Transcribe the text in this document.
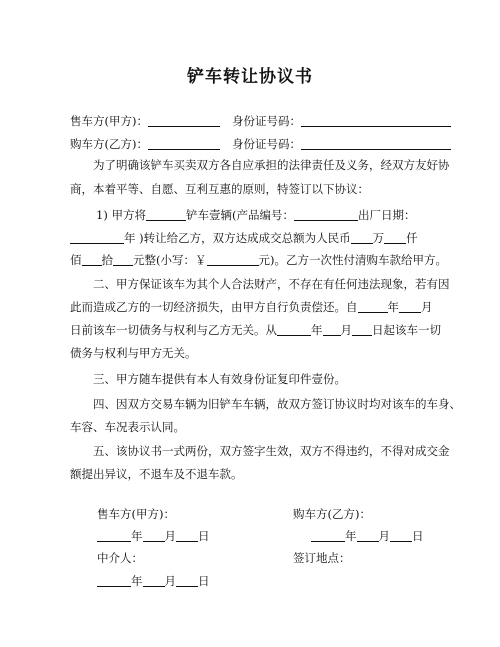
铲车转让协议书
售车方(甲方)：	身份证号码：
购车方(乙方)：	身份证号码：
为了明确该铲车买卖双方各自应承担的法律责任及义务，经双方友好协
商，本着平等、自愿、互利互惠的原则，特签订以下协议：
1) 甲方将	铲车壹辆(产品编号：	出厂日期：
年 )转让给乙方，双方达成成交总额为人民币 万 仟
佰 拾 元整(小写：￥	元)。乙方一次性付清购车款给甲方。
二、甲方保证该车为其个人合法财产，不存在有任何违法现象，若有因
此而造成乙方的一切经济损失，由甲方自行负责偿还。自	年 月
日前该车一切债务与权利与乙方无关。从	年 月 日起该车一切
债务与权利与甲方无关。
三、甲方随车提供有本人有效身份证复印件壹份。
四、因双方交易车辆为旧铲车车辆，故双方签订协议时均对该车的车身、
车容、车况表示认同。
五、该协议书一式两份，双方签字生效，双方不得违约，不得对成交金
额提出异议，不退车及不退车款。
售车方(甲方)：	购车方(乙方)：
年 月 日	年 月 日
中介人：	签订地点：
年 月 日
